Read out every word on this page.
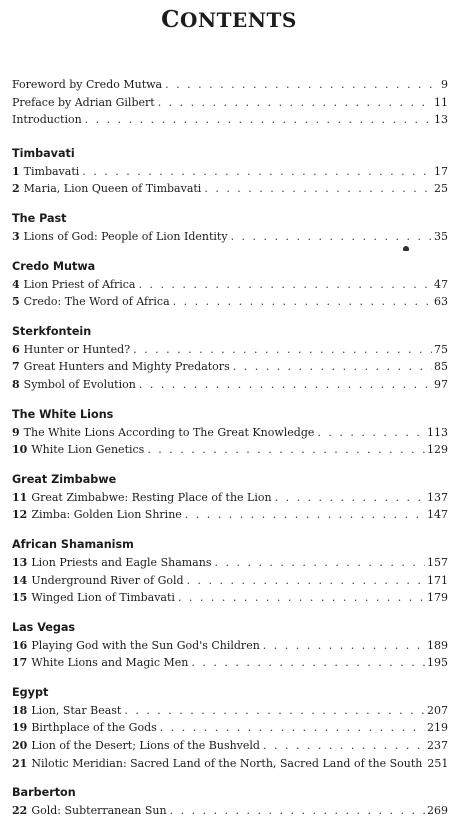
CONTENTS
Foreword by Credo Mutwa . . .	9
Preface by Adrian Gilbert . . .	11
Introduction . . .	13
Timbavati
1 Timbavati . . .	17
2 Maria, Lion Queen of Timbavati . . .	25
The Past
3 Lions of God: People of Lion Identity . . .	35
Credo Mutwa
4 Lion Priest of Africa . . .	47
5 Credo: The Word of Africa . . .	63
Sterkfontein
6 Hunter or Hunted? . . .	75
7 Great Hunters and Mighty Predators . . .	85
8 Symbol of Evolution . . .	97
The White Lions
9 The White Lions According to The Great Knowledge . . .	113
10 White Lion Genetics . . .	129
Great Zimbabwe
11 Great Zimbabwe: Resting Place of the Lion . . .	137
12 Zimba: Golden Lion Shrine . . .	147
African Shamanism
13 Lion Priests and Eagle Shamans . . .	157
14 Underground River of Gold . . .	171
15 Winged Lion of Timbavati . . .	179
Las Vegas
16 Playing God with the Sun God's Children . . .	189
17 White Lions and Magic Men . . .	195
Egypt
18 Lion, Star Beast . . .	207
19 Birthplace of the Gods . . .	219
20 Lion of the Desert; Lions of the Bushveld . . .	237
21 Nilotic Meridian: Sacred Land of the North, Sacred Land of the South 251
Barberton
22 Gold: Subterranean Sun . . .	269
